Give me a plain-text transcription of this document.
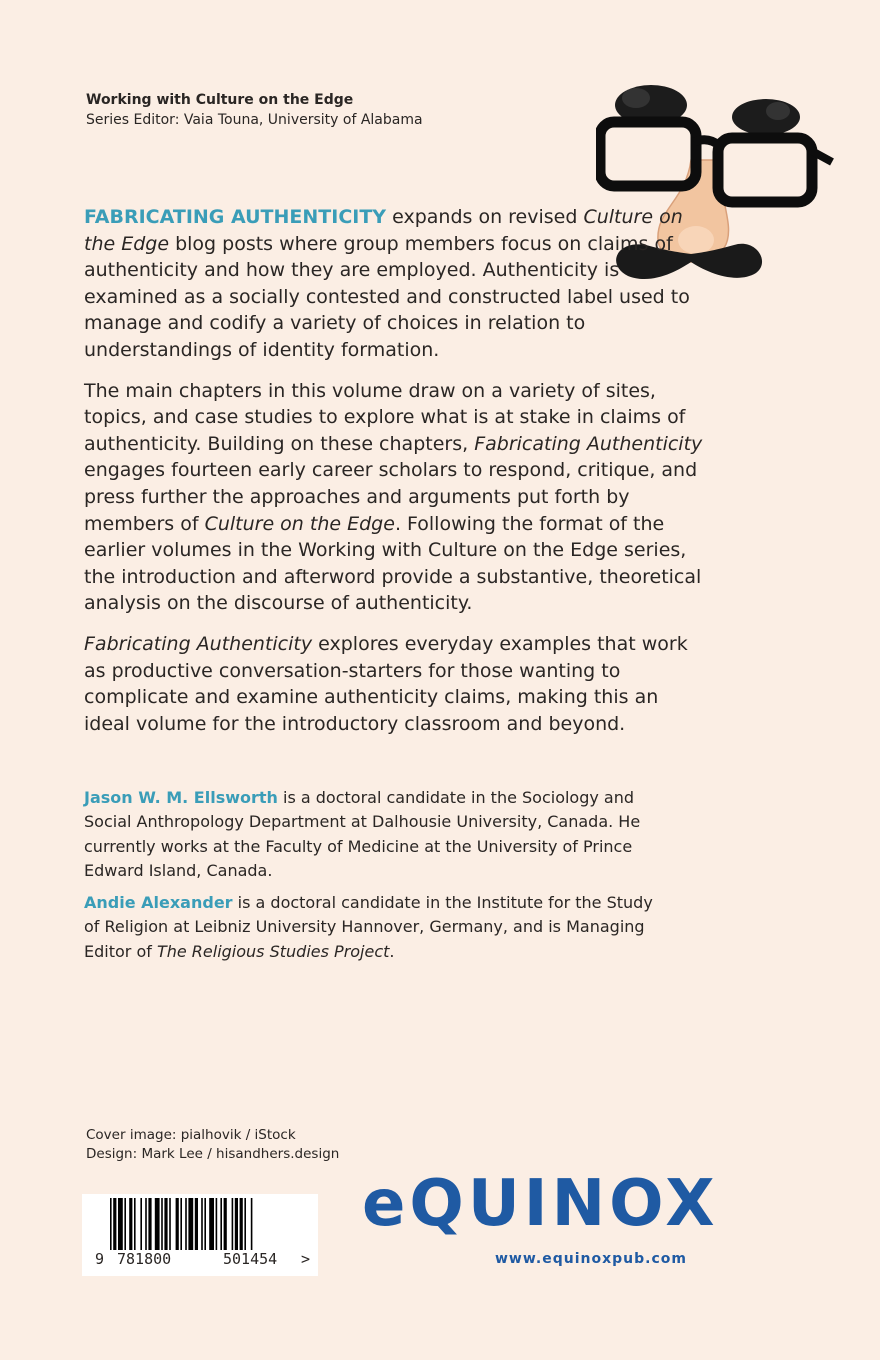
Working with Culture on the Edge
Series Editor: Vaia Touna, University of Alabama

FABRICATING AUTHENTICITY expands on revised Culture on the Edge blog posts where group members focus on claims of authenticity and how they are employed. Authenticity is examined as a socially contested and constructed label used to manage and codify a variety of choices in relation to understandings of identity formation.

The main chapters in this volume draw on a variety of sites, topics, and case studies to explore what is at stake in claims of authenticity. Building on these chapters, Fabricating Authenticity engages fourteen early career scholars to respond, critique, and press further the approaches and arguments put forth by members of Culture on the Edge. Following the format of the earlier volumes in the Working with Culture on the Edge series, the introduction and afterword provide a substantive, theoretical analysis on the discourse of authenticity.

Fabricating Authenticity explores everyday examples that work as productive conversation-starters for those wanting to complicate and examine authenticity claims, making this an ideal volume for the introductory classroom and beyond.

Jason W. M. Ellsworth is a doctoral candidate in the Sociology and Social Anthropology Department at Dalhousie University, Canada. He currently works at the Faculty of Medicine at the University of Prince Edward Island, Canada.

Andie Alexander is a doctoral candidate in the Institute for the Study of Religion at Leibniz University Hannover, Germany, and is Managing Editor of The Religious Studies Project.

Cover image: pialhovik / iStock
Design: Mark Lee / hisandhers.design
9 781800	501454 >
eQUINOX
www.equinoxpub.com
